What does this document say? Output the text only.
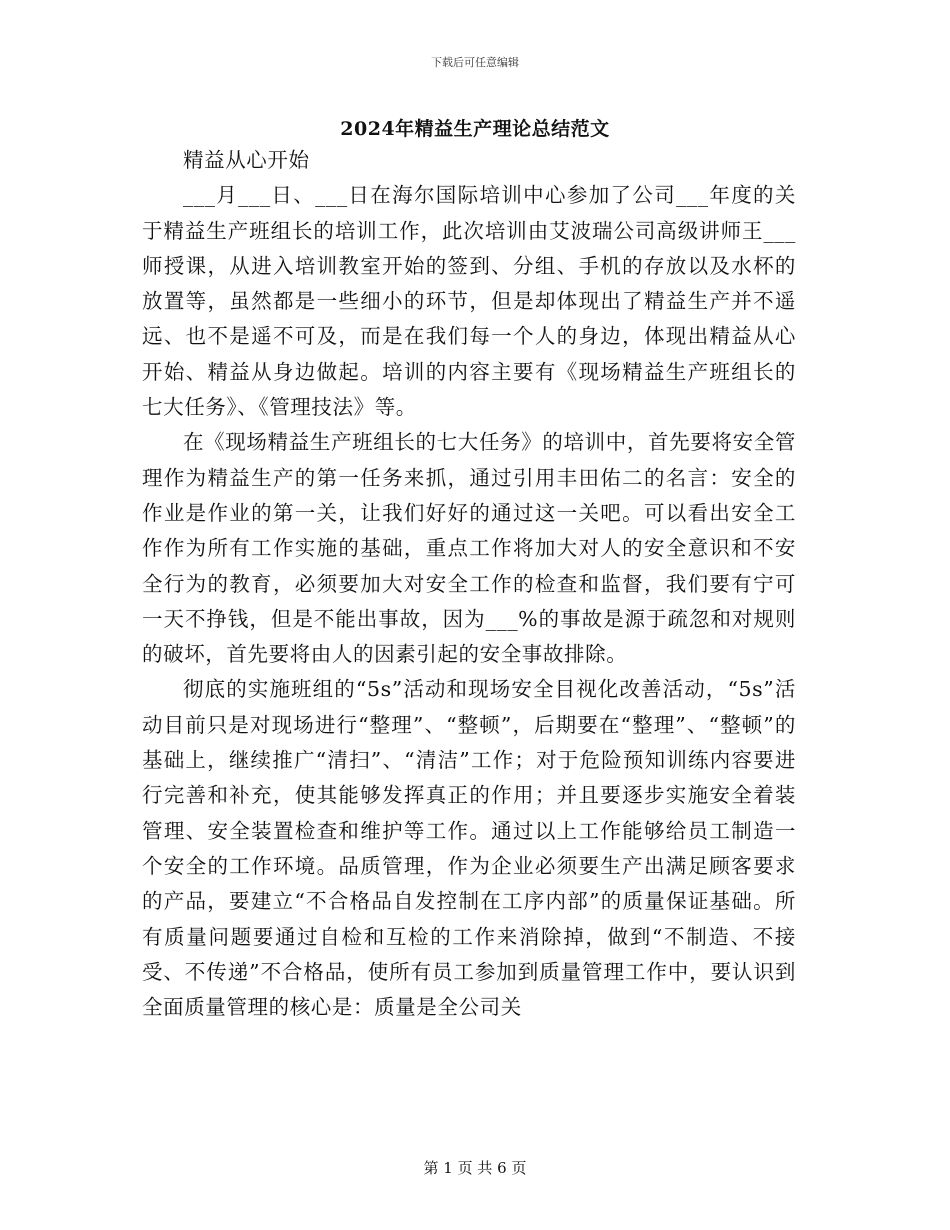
下载后可任意编辑
2024年精益生产理论总结范文

精益从心开始

___月___日、___日在海尔国际培训中心参加了公司___年度的关于精益生产班组长的培训工作，此次培训由艾波瑞公司高级讲师王___师授课，从进入培训教室开始的签到、分组、手机的存放以及水杯的放置等，虽然都是一些细小的环节，但是却体现出了精益生产并不遥远、也不是遥不可及，而是在我们每一个人的身边，体现出精益从心开始、精益从身边做起。培训的内容主要有《现场精益生产班组长的七大任务》、《管理技法》等。

在《现场精益生产班组长的七大任务》的培训中，首先要将安全管理作为精益生产的第一任务来抓，通过引用丰田佑二的名言：安全的作业是作业的第一关，让我们好好的通过这一关吧。可以看出安全工作作为所有工作实施的基础，重点工作将加大对人的安全意识和不安全行为的教育，必须要加大对安全工作的检查和监督，我们要有宁可一天不挣钱，但是不能出事故，因为___%的事故是源于疏忽和对规则的破坏，首先要将由人的因素引起的安全事故排除。

彻底的实施班组的“5s”活动和现场安全目视化改善活动，“5s”活动目前只是对现场进行“整理”、“整顿”，后期要在“整理”、“整顿”的基础上，继续推广“清扫”、“清洁”工作；对于危险预知训练内容要进行完善和补充，使其能够发挥真正的作用；并且要逐步实施安全着装管理、安全装置检查和维护等工作。通过以上工作能够给员工制造一个安全的工作环境。品质管理，作为企业必须要生产出满足顾客要求的产品，要建立“不合格品自发控制在工序内部”的质量保证基础。所有质量问题要通过自检和互检的工作来消除掉，做到“不制造、不接受、不传递”不合格品，使所有员工参加到质量管理工作中，要认识到全面质量管理的核心是：质量是全公司关

第 1 页 共 6 页
